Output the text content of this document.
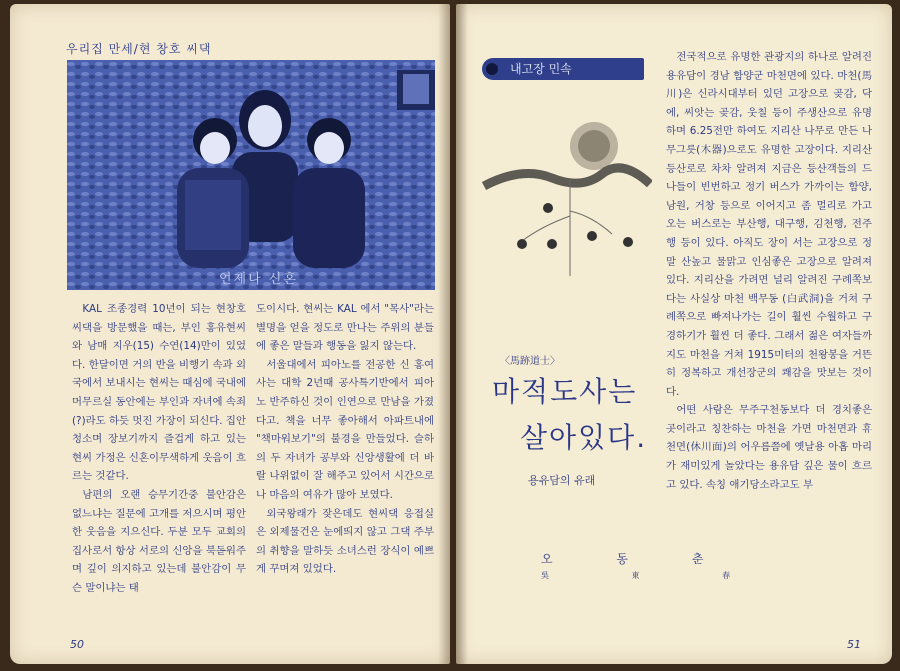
우리집 만세/현 창호 씨댁
언제나 신혼

KAL 조종경력 10년이 되는 현창호씨댁을 방문했을 때는, 부인 홍유현씨와 남매 지우(15) 수연(14)만이 있었다. 한달이면 거의 반을 비행기 속과 외국에서 보내시는 현씨는 때심에 국내에 머무르실 동안에는 부인과 자녀에 속죄(?)라도 하듯 멋진 가장이 되신다. 집안청소며 장보기까지 즐겁게 하고 있는 현씨 가정은 신혼이무색하게 웃음이 흐르는 것같다.

남편의 오랜 승무기간중 불안감은 없느냐는 질문에 고개를 저으시며 평안한 웃음을 지으신다. 두분 모두 교회의 집사로서 항상 서로의 신앙을 북돋워주며 깊이 의지하고 있는데 불안감이 무슨 말이냐는 태

도이시다. 현씨는 KAL 에서 "목사"라는 별명을 얻을 정도로 만나는 주위의 분들에 좋은 말들과 행동을 잃지 않는다.

서울대에서 피아노를 전공한 신 홍여사는 대학 2년때 공사특기반에서 피아노 반주하신 것이 인연으로 만남을 가졌다고. 책을 너무 좋아해서 아파트내에 "책마워보기"의 불경을 만들었다. 슬하의 두 자녀가 공부와 신앙생활에 더 바랄 나위없이 잘 해주고 있어서 시간으로나 마음의 여유가 많아 보였다.

외국왕래가 잦은데도 현씨댁 응접실은 외제물건은 눈에띄지 않고 그댁 주부의 취향을 말하듯 소녀스런 장식이 예쁘게 꾸며져 있었다.

50
내고장 민속
〈馬跡道士〉
마적도사는
살아있다.
용유담의 유래
오 동 춘
吳 東 春

전국적으로 유명한 관광지의 하나로 알려진 용유담이 경남 함양군 마천면에 있다. 마천(馬川)은 신라시대부터 있던 고장으로 곶감, 닥에, 씨앗는 곶감, 웃칠 등이 주생산으로 유명하며 6.25전만 하여도 지리산 나무로 만든 나무그릇(木器)으로도 유명한 고장이다. 지리산 등산로로 차차 알려져 지금은 등산객들의 드나들이 빈번하고 정기 버스가 가까이는 함양, 남원, 거창 등으로 이어지고 좀 멀리로 가고 오는 버스로는 부산행, 대구행, 김천행, 전주행 등이 있다. 아직도 장이 서는 고장으로 정말 산높고 물맑고 인심좋은 고장으로 알려져 있다. 지리산을 가려면 널리 알려진 구례쪽보다는 사실상 마천 백무동 (白武洞)을 거쳐 구례쪽으로 빠져나가는 길이 훨씬 수월하고 구경하기가 훨씬 더 좋다. 그래서 젊은 여자들까지도 마천을 거쳐 1915미터의 천왕봉을 거뜬히 정복하고 개선장군의 쾌감을 맛보는 것이다.

어떤 사람은 무주구천동보다 더 경치좋은 곳이라고 칭찬하는 마천을 가면 마천면과 휴천면(休川面)의 어우름쯤에 옛날용 아홉 마리가 재미있게 놀았다는 용유담 깊은 물이 흐르고 있다. 속칭 애기당소라고도 부

51
